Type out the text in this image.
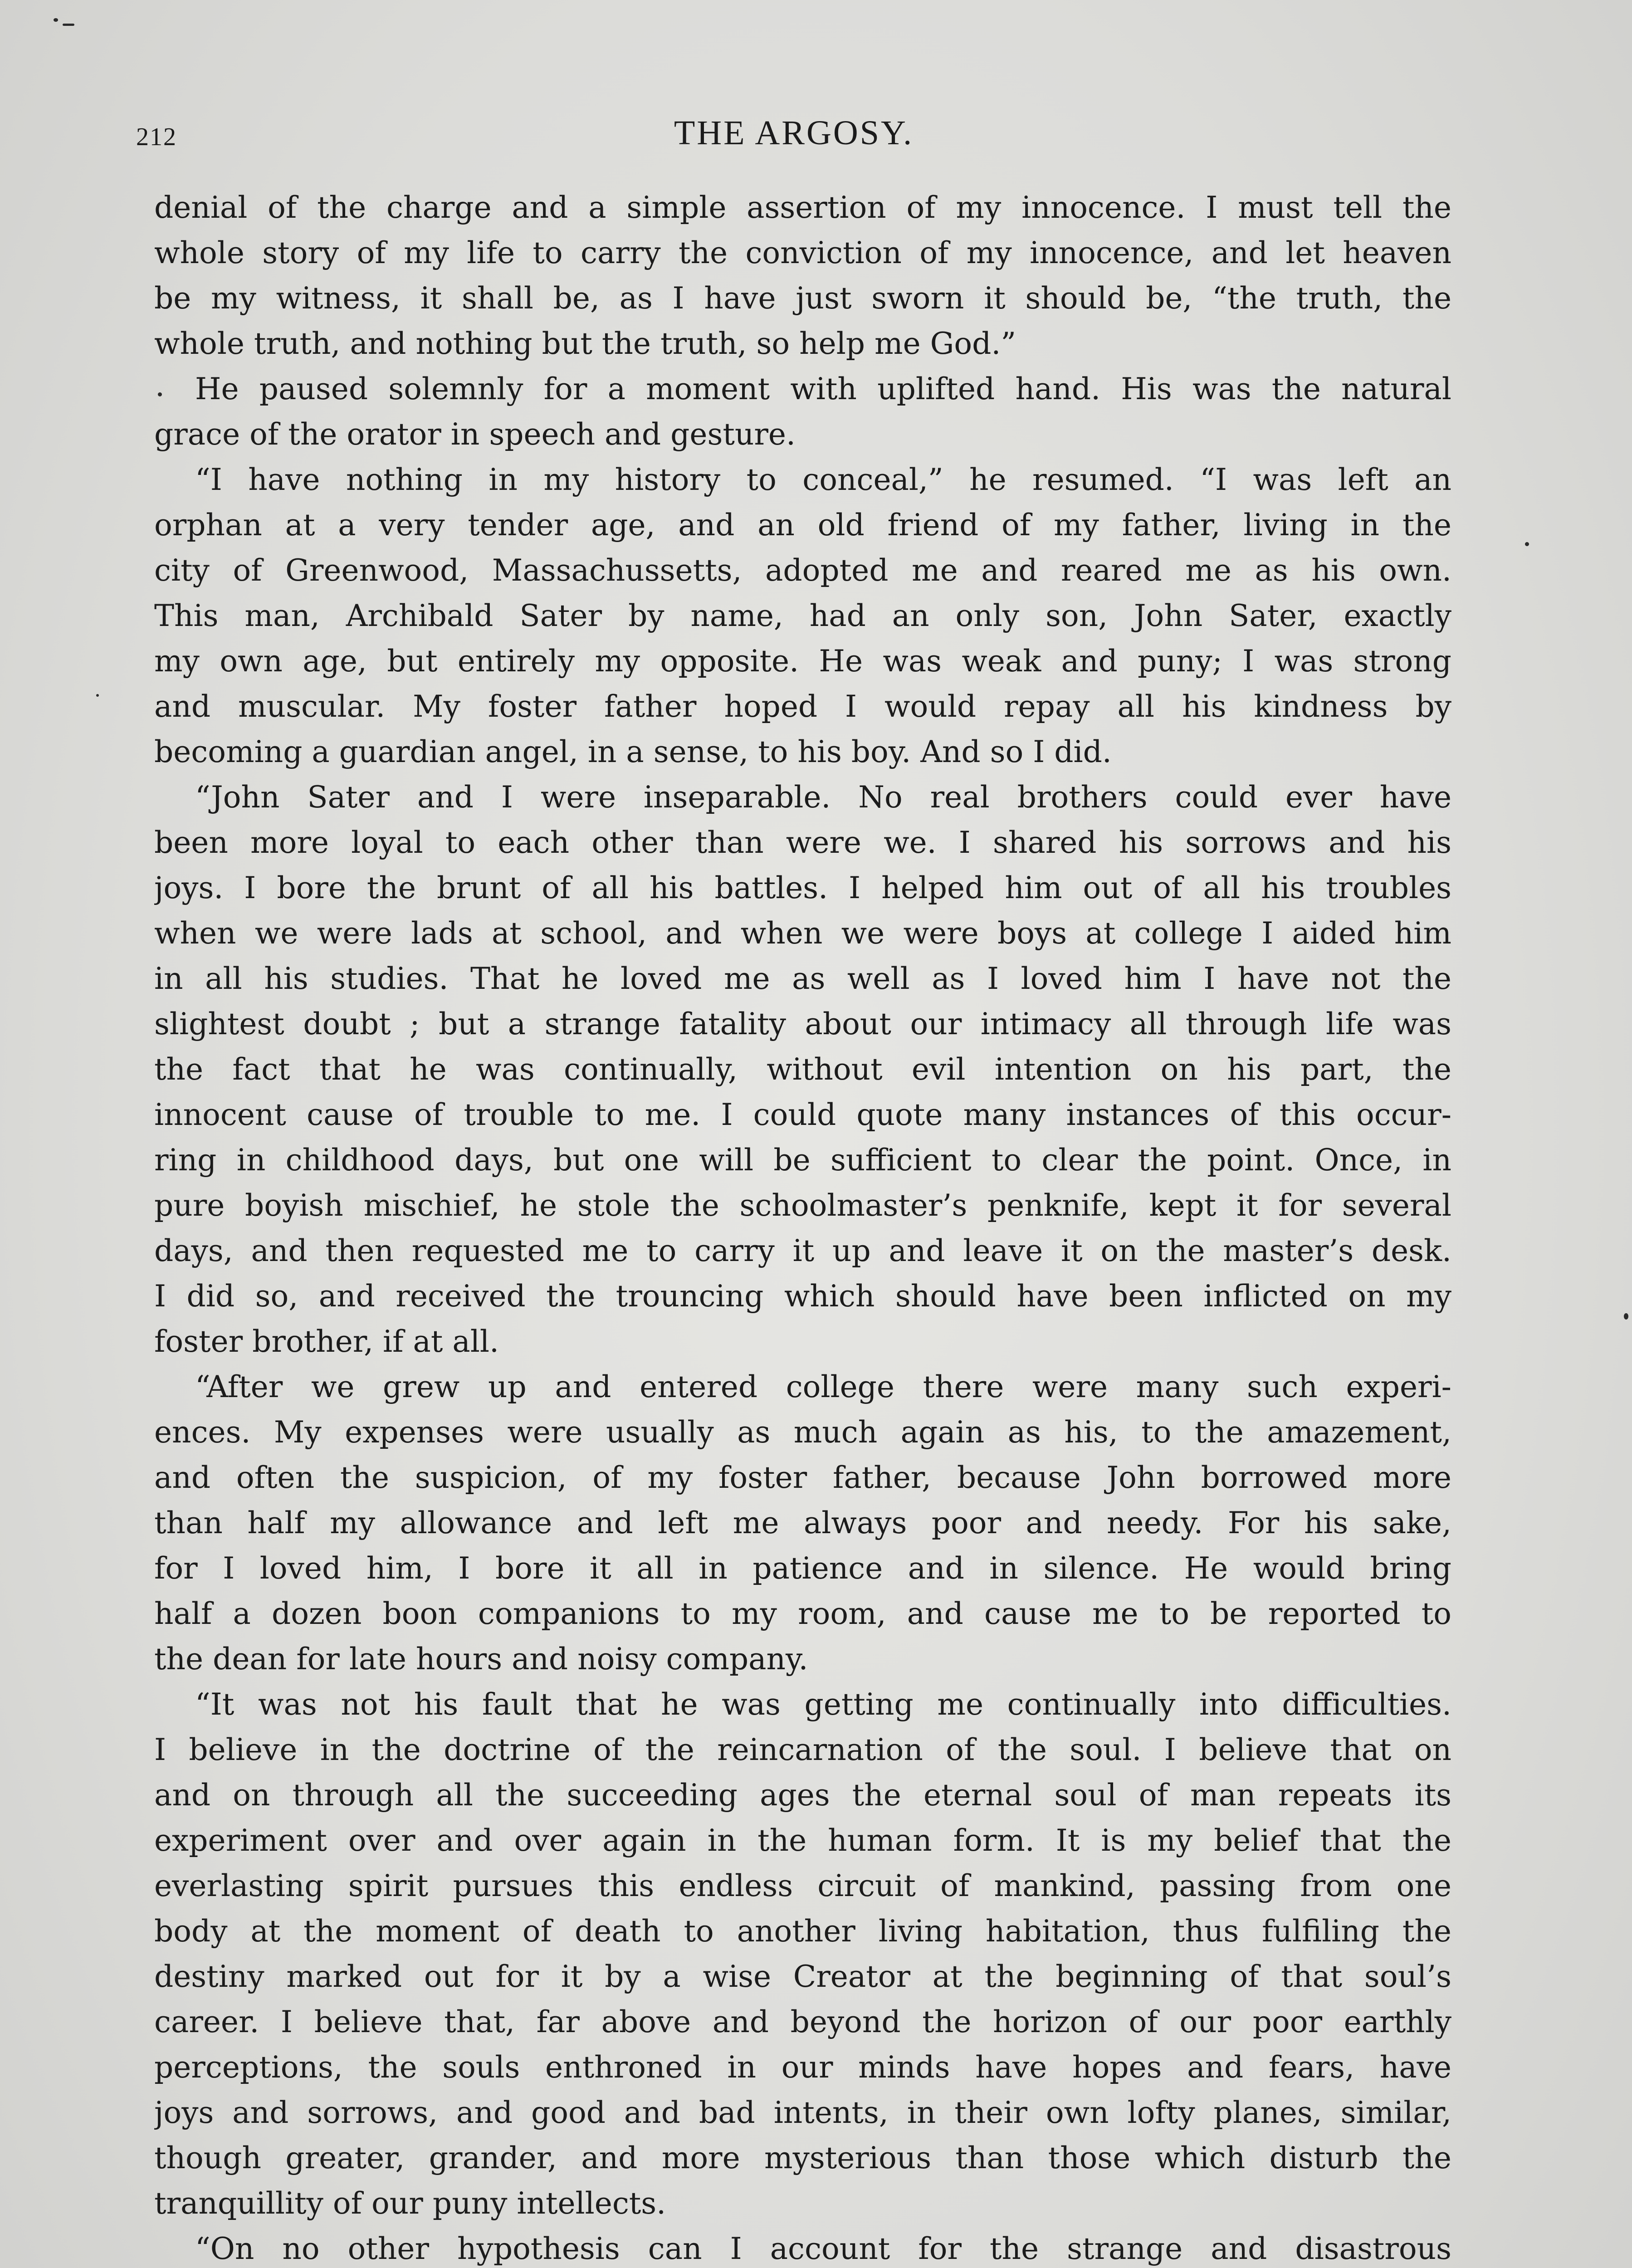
212	THE ARGOSY.
denial of the charge and a simple assertion of my innocence. I must tell the
whole story of my life to carry the conviction of my innocence, and let heaven
be my witness, it shall be, as I have just sworn it should be, “the truth, the
whole truth, and nothing but the truth, so help me God.”
He paused solemnly for a moment with uplifted hand. His was the natural
grace of the orator in speech and gesture.
“I have nothing in my history to conceal,” he resumed. “I was left an
orphan at a very tender age, and an old friend of my father, living in the
city of Greenwood, Massachussetts, adopted me and reared me as his own.
This man, Archibald Sater by name, had an only son, John Sater, exactly
my own age, but entirely my opposite. He was weak and puny; I was strong
and muscular. My foster father hoped I would repay all his kindness by
becoming a guardian angel, in a sense, to his boy. And so I did.
“John Sater and I were inseparable. No real brothers could ever have
been more loyal to each other than were we. I shared his sorrows and his
joys. I bore the brunt of all his battles. I helped him out of all his troubles
when we were lads at school, and when we were boys at college I aided him
in all his studies. That he loved me as well as I loved him I have not the
slightest doubt ; but a strange fatality about our intimacy all through life was
the fact that he was continually, without evil intention on his part, the
innocent cause of trouble to me. I could quote many instances of this occur-
ring in childhood days, but one will be sufficient to clear the point. Once, in
pure boyish mischief, he stole the schoolmaster’s penknife, kept it for several
days, and then requested me to carry it up and leave it on the master’s desk.
I did so, and received the trouncing which should have been inflicted on my
foster brother, if at all.
“After we grew up and entered college there were many such experi-
ences. My expenses were usually as much again as his, to the amazement,
and often the suspicion, of my foster father, because John borrowed more
than half my allowance and left me always poor and needy. For his sake,
for I loved him, I bore it all in patience and in silence. He would bring
half a dozen boon companions to my room, and cause me to be reported to
the dean for late hours and noisy company.
“It was not his fault that he was getting me continually into difficulties.
I believe in the doctrine of the reincarnation of the soul. I believe that on
and on through all the succeeding ages the eternal soul of man repeats its
experiment over and over again in the human form. It is my belief that the
everlasting spirit pursues this endless circuit of mankind, passing from one
body at the moment of death to another living habitation, thus fulfiling the
destiny marked out for it by a wise Creator at the beginning of that soul’s
career. I believe that, far above and beyond the horizon of our poor earthly
perceptions, the souls enthroned in our minds have hopes and fears, have
joys and sorrows, and good and bad intents, in their own lofty planes, similar,
though greater, grander, and more mysterious than those which disturb the
tranquillity of our puny intellects.
“On no other hypothesis can I account for the strange and disastrous
